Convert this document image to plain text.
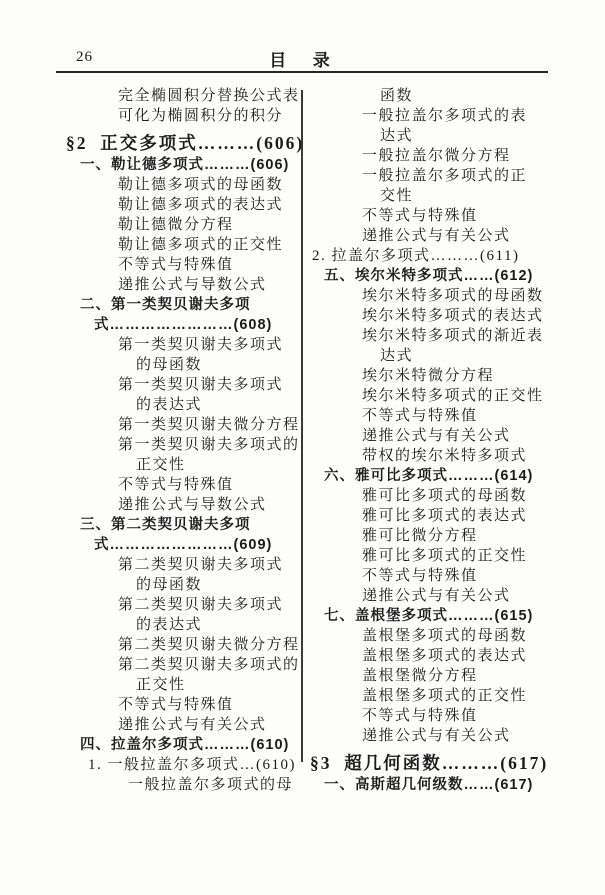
26	目  录
完全椭圆积分替换公式表
可化为椭圆积分的积分
§2  正交多项式………(606)
一、勒让德多项式………(606)
勒让德多项式的母函数
勒让德多项式的表达式
勒让德微分方程
勒让德多项式的正交性
不等式与特殊值
递推公式与导数公式
二、第一类契贝谢夫多项
式……………………(608)
第一类契贝谢夫多项式
的母函数
第一类契贝谢夫多项式
的表达式
第一类契贝谢夫微分方程
第一类契贝谢夫多项式的
正交性
不等式与特殊值
递推公式与导数公式
三、第二类契贝谢夫多项
式……………………(609)
第二类契贝谢夫多项式
的母函数
第二类契贝谢夫多项式
的表达式
第二类契贝谢夫微分方程
第二类契贝谢夫多项式的
正交性
不等式与特殊值
递推公式与有关公式
四、拉盖尔多项式………(610)
1. 一般拉盖尔多项式…(610)
一般拉盖尔多项式的母
函数
一般拉盖尔多项式的表
达式
一般拉盖尔微分方程
一般拉盖尔多项式的正
交性
不等式与特殊值
递推公式与有关公式
2. 拉盖尔多项式………(611)
五、埃尔米特多项式……(612)
埃尔米特多项式的母函数
埃尔米特多项式的表达式
埃尔米特多项式的渐近表
达式
埃尔米特微分方程
埃尔米特多项式的正交性
不等式与特殊值
递推公式与有关公式
带权的埃尔米特多项式
六、雅可比多项式………(614)
雅可比多项式的母函数
雅可比多项式的表达式
雅可比微分方程
雅可比多项式的正交性
不等式与特殊值
递推公式与有关公式
七、盖根堡多项式………(615)
盖根堡多项式的母函数
盖根堡多项式的表达式
盖根堡微分方程
盖根堡多项式的正交性
不等式与特殊值
递推公式与有关公式
§3  超几何函数………(617)
一、高斯超几何级数……(617)
